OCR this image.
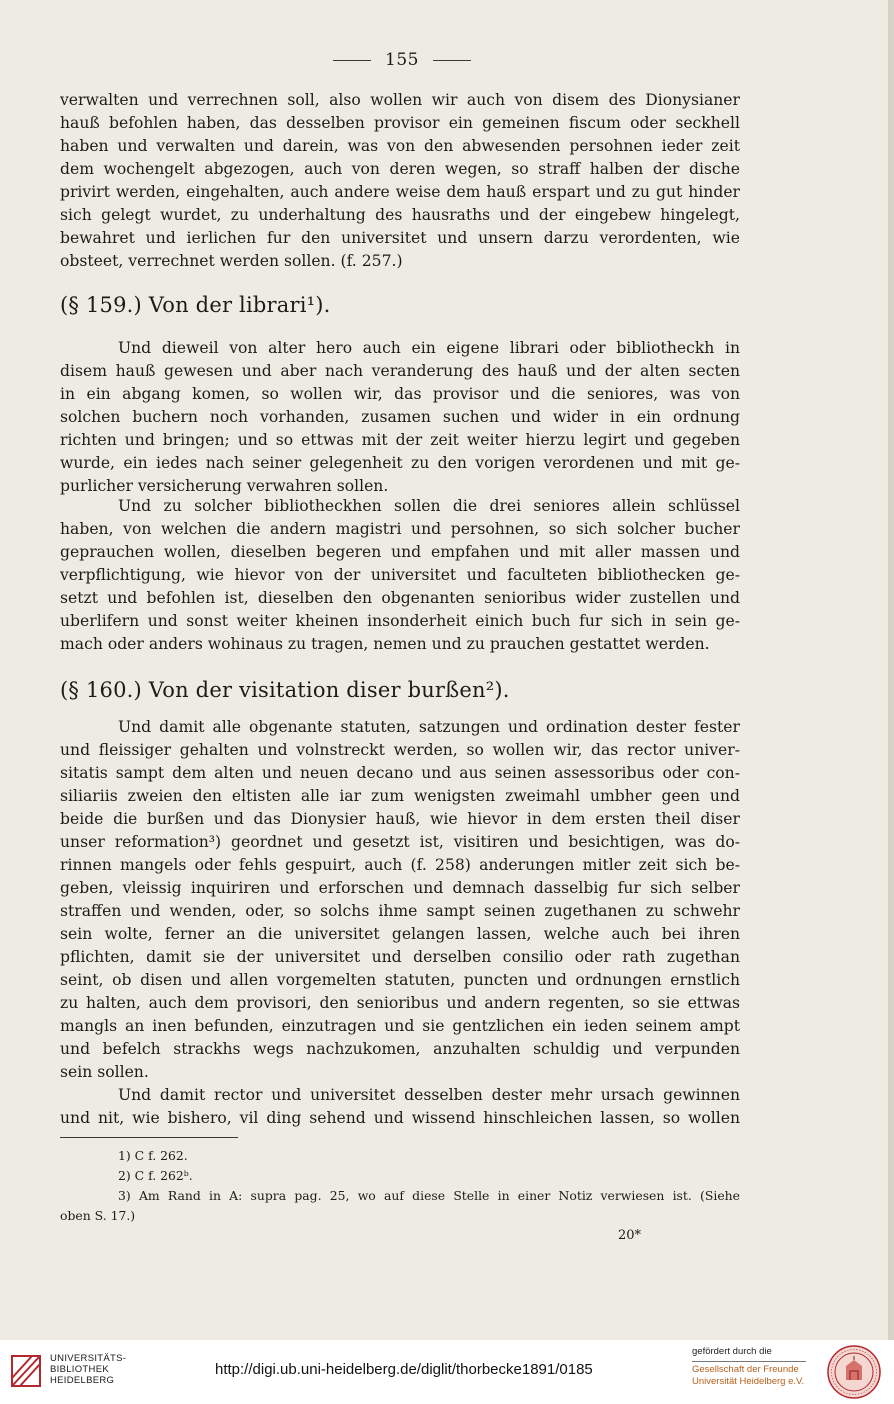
155
verwalten und verrechnen soll, also wollen wir auch von disem des Dionysianer
hauß befohlen haben, das desselben provisor ein gemeinen fiscum oder seckhell
haben und verwalten und darein, was von den abwesenden persohnen ieder zeit
dem wochengelt abgezogen, auch von deren wegen, so straff halben der dische
privirt werden, eingehalten, auch andere weise dem hauß erspart und zu gut hinder
sich gelegt wurdet, zu underhaltung des hausraths und der eingebew hingelegt,
bewahret und ierlichen fur den universitet und unsern darzu verordenten, wie
obsteet, verrechnet werden sollen. (f. 257.)
(§ 159.) Von der librari¹).
Und dieweil von alter hero auch ein eigene librari oder bibliotheckh in
disem hauß gewesen und aber nach veranderung des hauß und der alten secten
in ein abgang komen, so wollen wir, das provisor und die seniores, was von
solchen buchern noch vorhanden, zusamen suchen und wider in ein ordnung
richten und bringen; und so ettwas mit der zeit weiter hierzu legirt und gegeben
wurde, ein iedes nach seiner gelegenheit zu den vorigen verordenen und mit ge-
purlicher versicherung verwahren sollen.
Und zu solcher bibliotheckhen sollen die drei seniores allein schlüssel
haben, von welchen die andern magistri und persohnen, so sich solcher bucher
geprauchen wollen, dieselben begeren und empfahen und mit aller massen und
verpflichtigung, wie hievor von der universitet und faculteten bibliothecken ge-
setzt und befohlen ist, dieselben den obgenanten senioribus wider zustellen und
uberlifern und sonst weiter kheinen insonderheit einich buch fur sich in sein ge-
mach oder anders wohinaus zu tragen, nemen und zu prauchen gestattet werden.
(§ 160.) Von der visitation diser burßen²).
Und damit alle obgenante statuten, satzungen und ordination dester fester
und fleissiger gehalten und volnstreckt werden, so wollen wir, das rector univer-
sitatis sampt dem alten und neuen decano und aus seinen assessoribus oder con-
siliariis zweien den eltisten alle iar zum wenigsten zweimahl umbher geen und
beide die burßen und das Dionysier hauß, wie hievor in dem ersten theil diser
unser reformation³) geordnet und gesetzt ist, visitiren und besichtigen, was do-
rinnen mangels oder fehls gespuirt, auch (f. 258) anderungen mitler zeit sich be-
geben, vleissig inquiriren und erforschen und demnach dasselbig fur sich selber
straffen und wenden, oder, so solchs ihme sampt seinen zugethanen zu schwehr
sein wolte, ferner an die universitet gelangen lassen, welche auch bei ihren
pflichten, damit sie der universitet und derselben consilio oder rath zugethan
seint, ob disen und allen vorgemelten statuten, puncten und ordnungen ernstlich
zu halten, auch dem provisori, den senioribus und andern regenten, so sie ettwas
mangls an inen befunden, einzutragen und sie gentzlichen ein ieden seinem ampt
und befelch strackhs wegs nachzukomen, anzuhalten schuldig und verpunden
sein sollen.
Und damit rector und universitet desselben dester mehr ursach gewinnen
und nit, wie bishero, vil ding sehend und wissend hinschleichen lassen, so wollen
1) C f. 262.
2) C f. 262ᵇ.
3) Am Rand in A: supra pag. 25, wo auf diese Stelle in einer Notiz verwiesen ist. (Siehe
oben S. 17.)
20*
UNIVERSITÄTS-
BIBLIOTHEK
HEIDELBERG
http://digi.ub.uni-heidelberg.de/diglit/thorbecke1891/0185
gefördert durch die
Gesellschaft der Freunde
Universität Heidelberg e.V.
